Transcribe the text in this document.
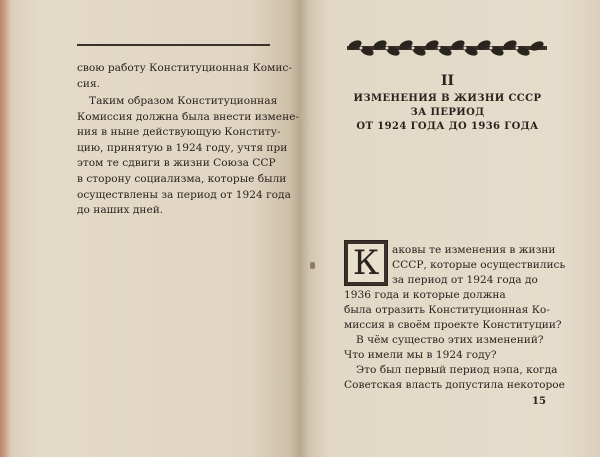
свою работу Конституционная Комис-
сия.

Таким образом Конституционная
Комиссия должна была внести измене-
ния в ныне действующую Конститу-
цию, принятую в 1924 году, учтя при
этом те сдвиги в жизни Союза ССР
в сторону социализма, которые были
осуществлены за период от 1924 года
до наших дней.

II
ИЗМЕНЕНИЯ В ЖИЗНИ СССР
ЗА ПЕРИОД
ОТ 1924 ГОДА ДО 1936 ГОДА
К	аковы те изменения в жизни

СССР, которые осуществились

за период от 1924 года до

1936 года и которые должна

была отразить Конституционная Ко-

миссия в своём проекте Конституции?

В чём существо этих изменений?

Что имели мы в 1924 году?

Это был первый период нэпа, когда

Советская власть допустила некоторое

15
